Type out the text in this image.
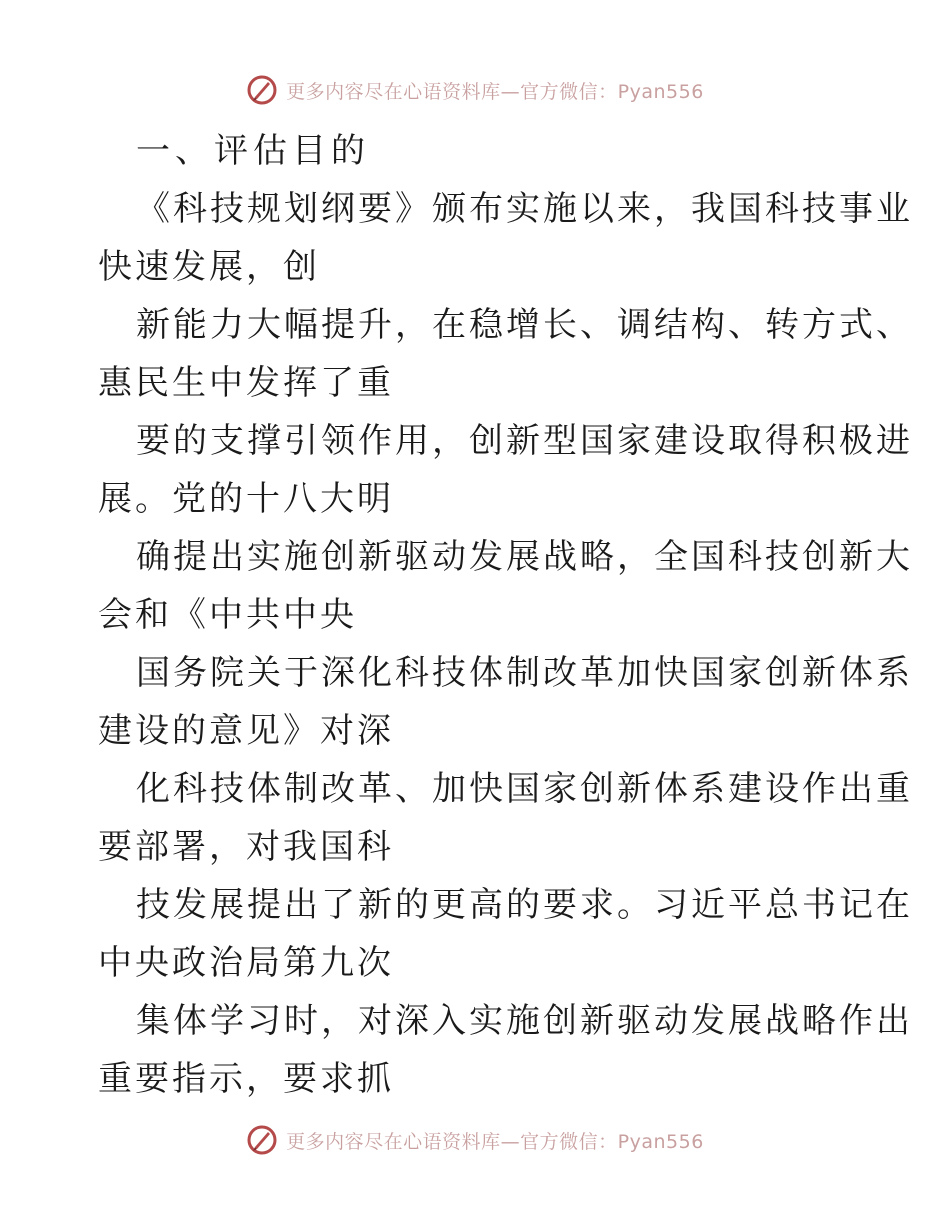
更多内容尽在心语资料库—官方微信：Pyan556
一、评估目的
《科技规划纲要》颁布实施以来，我国科技事业
快速发展，创
新能力大幅提升，在稳增长、调结构、转方式、
惠民生中发挥了重
要的支撑引领作用，创新型国家建设取得积极进
展。党的十八大明
确提出实施创新驱动发展战略，全国科技创新大
会和《中共中央
国务院关于深化科技体制改革加快国家创新体系
建设的意见》对深
化科技体制改革、加快国家创新体系建设作出重
要部署，对我国科
技发展提出了新的更高的要求。习近平总书记在
中央政治局第九次
集体学习时，对深入实施创新驱动发展战略作出
重要指示，要求抓
更多内容尽在心语资料库—官方微信：Pyan556
